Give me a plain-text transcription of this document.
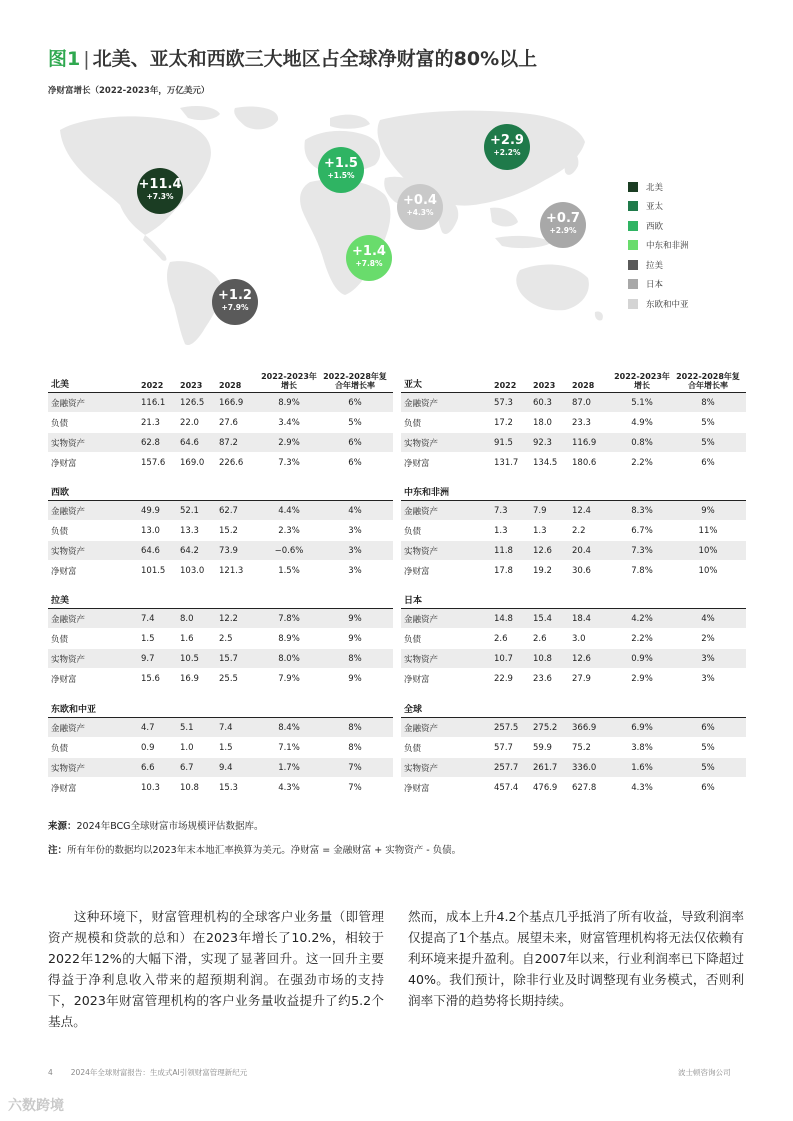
图1 | 北美、亚太和西欧三大地区占全球净财富的80%以上
净财富增长（2022-2023年，万亿美元）
+11.4
+7.3%
+2.9
+2.2%
+1.5
+1.5%
+1.4
+7.8%
+1.2
+7.9%
+0.7
+2.9%
+0.4
+4.3%
北美
亚太
西欧
中东和非洲
拉美
日本
东欧和中亚
北美	2022	2023	2028
2022-2023年增长
2022-2028年复合年增长率
金融资产	116.1	126.5	166.9	8.9%	6%
负债	21.3	22.0	27.6	3.4%	5%
实物资产	62.8	64.6	87.2	2.9%	6%
净财富	157.6	169.0	226.6	7.3%	6%
亚太	2022	2023	2028
2022-2023年增长
2022-2028年复合年增长率
金融资产	57.3	60.3	87.0	5.1%	8%
负债	17.2	18.0	23.3	4.9%	5%
实物资产	91.5	92.3	116.9	0.8%	5%
净财富	131.7	134.5	180.6	2.2%	6%
西欧
金融资产	49.9	52.1	62.7	4.4%	4%
负债	13.0	13.3	15.2	2.3%	3%
实物资产	64.6	64.2	73.9	−0.6%	3%
净财富	101.5	103.0	121.3	1.5%	3%
中东和非洲
金融资产	7.3	7.9	12.4	8.3%	9%
负债	1.3	1.3	2.2	6.7%	11%
实物资产	11.8	12.6	20.4	7.3%	10%
净财富	17.8	19.2	30.6	7.8%	10%
拉美
金融资产	7.4	8.0	12.2	7.8%	9%
负债	1.5	1.6	2.5	8.9%	9%
实物资产	9.7	10.5	15.7	8.0%	8%
净财富	15.6	16.9	25.5	7.9%	9%
日本
金融资产	14.8	15.4	18.4	4.2%	4%
负债	2.6	2.6	3.0	2.2%	2%
实物资产	10.7	10.8	12.6	0.9%	3%
净财富	22.9	23.6	27.9	2.9%	3%
东欧和中亚
金融资产	4.7	5.1	7.4	8.4%	8%
负债	0.9	1.0	1.5	7.1%	8%
实物资产	6.6	6.7	9.4	1.7%	7%
净财富	10.3	10.8	15.3	4.3%	7%
全球
金融资产	257.5	275.2	366.9	6.9%	6%
负债	57.7	59.9	75.2	3.8%	5%
实物资产	257.7	261.7	336.0	1.6%	5%
净财富	457.4	476.9	627.8	4.3%	6%
来源：2024年BCG全球财富市场规模评估数据库。
注：所有年份的数据均以2023年末本地汇率换算为美元。净财富 = 金融财富 + 实物资产 - 负债。

　　这种环境下，财富管理机构的全球客户业务量（即管理资产规模和贷款的总和）在2023年增长了10.2%，相较于2022年12%的大幅下滑，实现了显著回升。这一回升主要得益于净利息收入带来的超预期利润。在强劲市场的支持下，2023年财富管理机构的客户业务量收益提升了约5.2个基点。

然而，成本上升4.2个基点几乎抵消了所有收益，导致利润率仅提高了1个基点。展望未来，财富管理机构将无法仅依赖有利环境来提升盈利。自2007年以来，行业利润率已下降超过40%。我们预计，除非行业及时调整现有业务模式，否则利润率下滑的趋势将长期持续。

4 2024年全球财富报告：生成式AI引领财富管理新纪元	波士顿咨询公司
六数跨境
